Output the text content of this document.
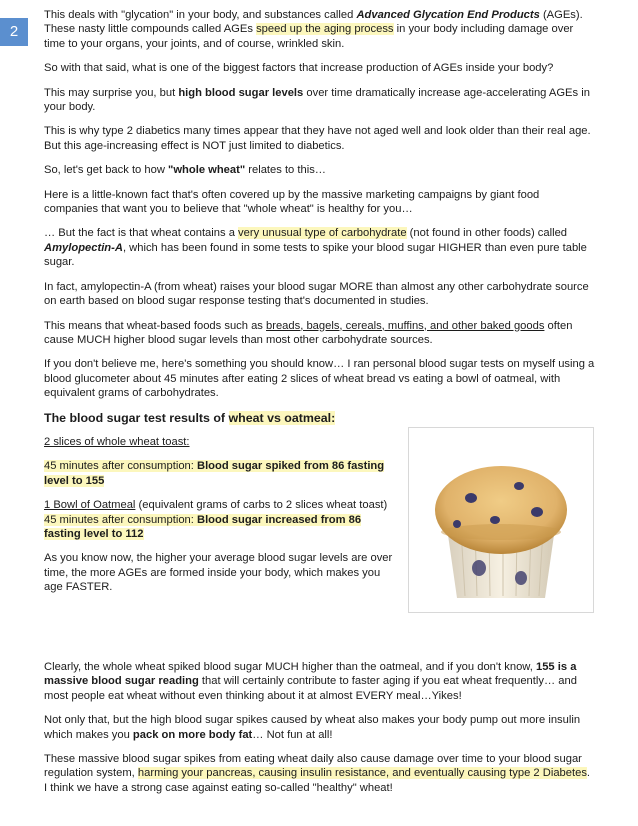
2

This deals with "glycation" in your body, and substances called Advanced Glycation End Products (AGEs). These nasty little compounds called AGEs speed up the aging process in your body including damage over time to your organs, your joints, and of course, wrinkled skin.

So with that said, what is one of the biggest factors that increase production of AGEs inside your body?

This may surprise you, but high blood sugar levels over time dramatically increase age-accelerating AGEs in your body.

This is why type 2 diabetics many times appear that they have not aged well and look older than their real age. But this age-increasing effect is NOT just limited to diabetics.

So, let's get back to how "whole wheat" relates to this…

Here is a little-known fact that's often covered up by the massive marketing campaigns by giant food companies that want you to believe that "whole wheat" is healthy for you…

… But the fact is that wheat contains a very unusual type of carbohydrate (not found in other foods) called Amylopectin-A, which has been found in some tests to spike your blood sugar HIGHER than even pure table sugar.

In fact, amylopectin-A (from wheat) raises your blood sugar MORE than almost any other carbohydrate source on earth based on blood sugar response testing that's documented in studies.

This means that wheat-based foods such as breads, bagels, cereals, muffins, and other baked goods often cause MUCH higher blood sugar levels than most other carbohydrate sources.

If you don't believe me, here's something you should know… I ran personal blood sugar tests on myself using a blood glucometer about 45 minutes after eating 2 slices of wheat bread vs eating a bowl of oatmeal, with equivalent grams of carbohydrates.

The blood sugar test results of wheat vs oatmeal:

2 slices of whole wheat toast:

45 minutes after consumption: Blood sugar spiked from 86 fasting level to 155

1 Bowl of Oatmeal (equivalent grams of carbs to 2 slices wheat toast)
45 minutes after consumption: Blood sugar increased from 86 fasting level to 112

As you know now, the higher your average blood sugar levels are over time, the more AGEs are formed inside your body, which makes you age FASTER.

Clearly, the whole wheat spiked blood sugar MUCH higher than the oatmeal, and if you don't know, 155 is a massive blood sugar reading that will certainly contribute to faster aging if you eat wheat frequently… and most people eat wheat without even thinking about it at almost EVERY meal…Yikes!

Not only that, but the high blood sugar spikes caused by wheat also makes your body pump out more insulin which makes you pack on more body fat… Not fun at all!

These massive blood sugar spikes from eating wheat daily also cause damage over time to your blood sugar regulation system, harming your pancreas, causing insulin resistance, and eventually causing type 2 Diabetes. I think we have a strong case against eating so-called "healthy" wheat!
